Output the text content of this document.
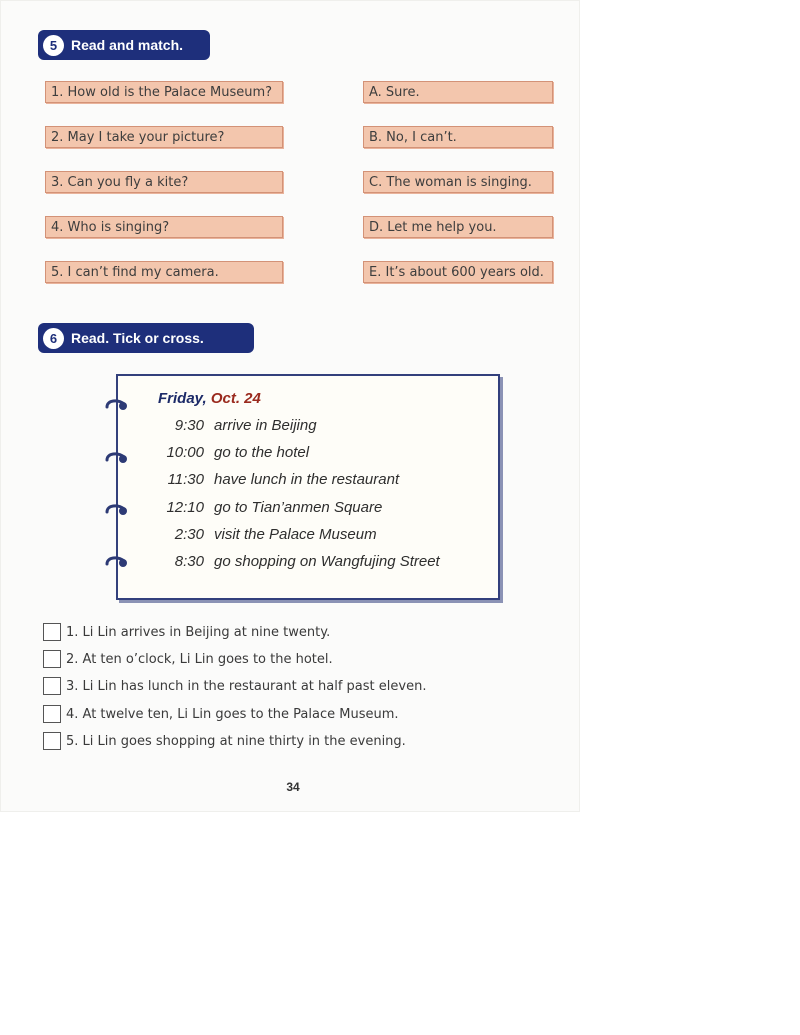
5 Read and match.
1. How old is the Palace Museum?
2. May I take your picture?
3. Can you fly a kite?
4. Who is singing?
5. I can’t find my camera.
A. Sure.
B. No, I can’t.
C. The woman is singing.
D. Let me help you.
E. It’s about 600 years old.
6 Read. Tick or cross.
Friday, Oct. 24
9:30 arrive in Beijing
10:00 go to the hotel
11:30 have lunch in the restaurant
12:10 go to Tian’anmen Square
2:30 visit the Palace Museum
8:30 go shopping on Wangfujing Street
1. Li Lin arrives in Beijing at nine twenty.
2. At ten o’clock, Li Lin goes to the hotel.
3. Li Lin has lunch in the restaurant at half past eleven.
4. At twelve ten, Li Lin goes to the Palace Museum.
5. Li Lin goes shopping at nine thirty in the evening.
34
